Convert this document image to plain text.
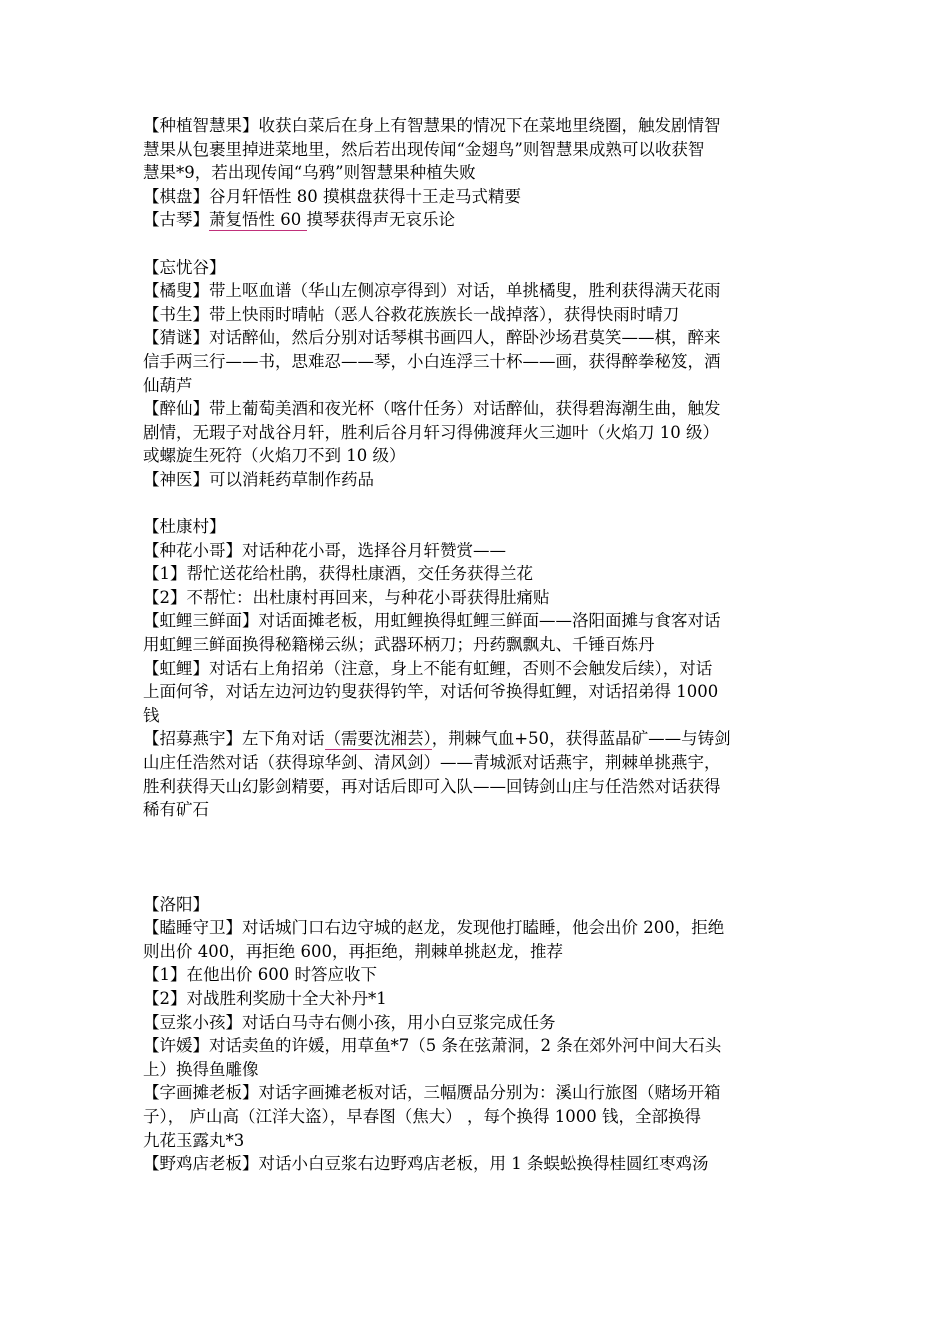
【种植智慧果】收获白菜后在身上有智慧果的情况下在菜地里绕圈，触发剧情智
慧果从包裹里掉进菜地里，然后若出现传闻“金翅鸟”则智慧果成熟可以收获智
慧果*9，若出现传闻“乌鸦”则智慧果种植失败
【棋盘】谷月轩悟性 80 摸棋盘获得十王走马式精要
【古琴】萧复悟性 60 摸琴获得声无哀乐论
【忘忧谷】
【橘叟】带上呕血谱（华山左侧凉亭得到）对话，单挑橘叟，胜利获得满天花雨
【书生】带上快雨时晴帖（恶人谷救花族族长一战掉落），获得快雨时晴刀
【猜谜】对话醉仙，然后分别对话琴棋书画四人，醉卧沙场君莫笑——棋，醉来
信手两三行——书，思难忍——琴，小白连浮三十杯——画，获得醉拳秘笈，酒
仙葫芦
【醉仙】带上葡萄美酒和夜光杯（喀什任务）对话醉仙，获得碧海潮生曲，触发
剧情，无瑕子对战谷月轩，胜利后谷月轩习得佛渡拜火三迦叶（火焰刀 10 级）
或螺旋生死符（火焰刀不到 10 级）
【神医】可以消耗药草制作药品
【杜康村】
【种花小哥】对话种花小哥，选择谷月轩赞赏——
【1】帮忙送花给杜鹃，获得杜康酒，交任务获得兰花
【2】不帮忙：出杜康村再回来，与种花小哥获得肚痛贴
【虹鲤三鲜面】对话面摊老板，用虹鲤换得虹鲤三鲜面——洛阳面摊与食客对话
用虹鲤三鲜面换得秘籍梯云纵；武器环柄刀；丹药飘飘丸、千锤百炼丹
【虹鲤】对话右上角招弟（注意，身上不能有虹鲤，否则不会触发后续），对话
上面何爷，对话左边河边钓叟获得钓竿，对话何爷换得虹鲤，对话招弟得 1000
钱
【招募燕宇】左下角对话（需要沈湘芸），荆棘气血+50，获得蓝晶矿——与铸剑
山庄任浩然对话（获得琼华剑、清风剑）——青城派对话燕宇，荆棘单挑燕宇，
胜利获得天山幻影剑精要，再对话后即可入队——回铸剑山庄与任浩然对话获得
稀有矿石
【洛阳】
【瞌睡守卫】对话城门口右边守城的赵龙，发现他打瞌睡，他会出价 200，拒绝
则出价 400，再拒绝 600，再拒绝，荆棘单挑赵龙，推荐
【1】在他出价 600 时答应收下
【2】对战胜利奖励十全大补丹*1
【豆浆小孩】对话白马寺右侧小孩，用小白豆浆完成任务
【许媛】对话卖鱼的许媛，用草鱼*7（5 条在弦萧洞，2 条在郊外河中间大石头
上）换得鱼雕像
【字画摊老板】对话字画摊老板对话，三幅赝品分别为：溪山行旅图（赌场开箱
子）， 庐山高（江洋大盗），早春图（焦大） ，每个换得 1000 钱，全部换得
九花玉露丸*3
【野鸡店老板】对话小白豆浆右边野鸡店老板，用 1 条蜈蚣换得桂圆红枣鸡汤
